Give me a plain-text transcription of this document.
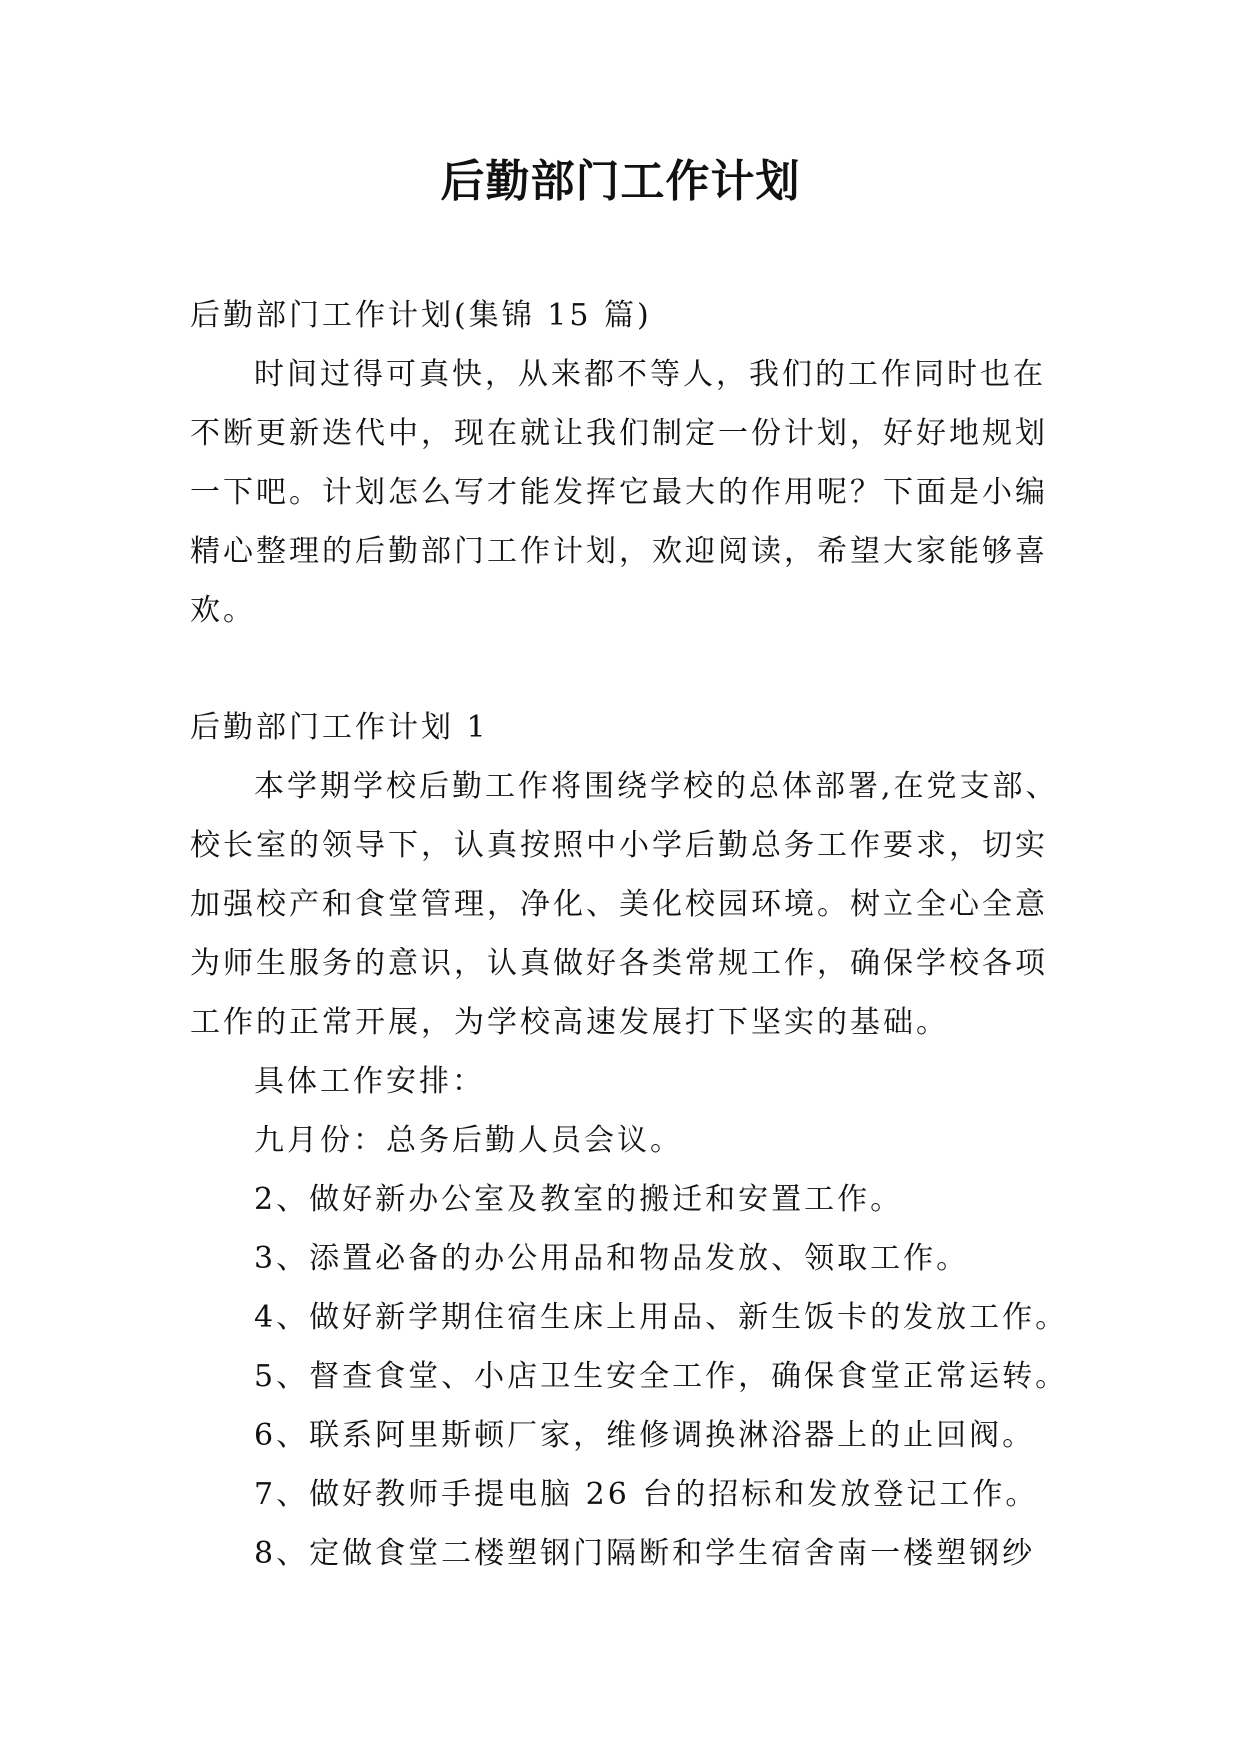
后勤部门工作计划
后勤部门工作计划(集锦 15 篇)
时间过得可真快，从来都不等人，我们的工作同时也在
不断更新迭代中，现在就让我们制定一份计划，好好地规划
一下吧。计划怎么写才能发挥它最大的作用呢？下面是小编
精心整理的后勤部门工作计划，欢迎阅读，希望大家能够喜
欢。
后勤部门工作计划 1
本学期学校后勤工作将围绕学校的总体部署,在党支部、
校长室的领导下，认真按照中小学后勤总务工作要求，切实
加强校产和食堂管理，净化、美化校园环境。树立全心全意
为师生服务的意识，认真做好各类常规工作，确保学校各项
工作的正常开展，为学校高速发展打下坚实的基础。
具体工作安排：
九月份：总务后勤人员会议。
2、做好新办公室及教室的搬迁和安置工作。
3、添置必备的办公用品和物品发放、领取工作。
4、做好新学期住宿生床上用品、新生饭卡的发放工作。
5、督查食堂、小店卫生安全工作，确保食堂正常运转。
6、联系阿里斯顿厂家，维修调换淋浴器上的止回阀。
7、做好教师手提电脑 26 台的招标和发放登记工作。
8、定做食堂二楼塑钢门隔断和学生宿舍南一楼塑钢纱
